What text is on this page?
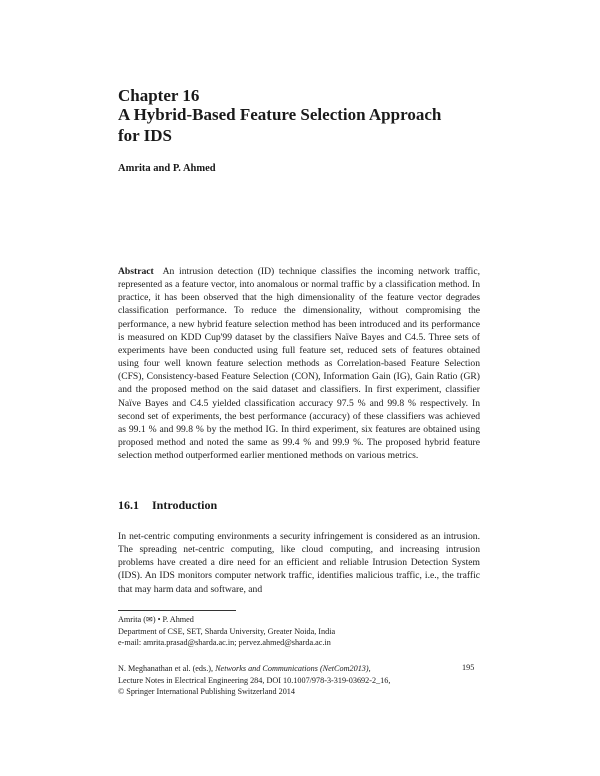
Chapter 16
A Hybrid-Based Feature Selection Approach
for IDS
Amrita and P. Ahmed
Abstract An intrusion detection (ID) technique classifies the incoming network traffic, represented as a feature vector, into anomalous or normal traffic by a classification method. In practice, it has been observed that the high dimensionality of the feature vector degrades classification performance. To reduce the dimensionality, without compromising the performance, a new hybrid feature selection method has been introduced and its performance is measured on KDD Cup'99 dataset by the classifiers Naïve Bayes and C4.5. Three sets of experiments have been conducted using full feature set, reduced sets of features obtained using four well known feature selection methods as Correlation-based Feature Selection (CFS), Consistency-based Feature Selection (CON), Information Gain (IG), Gain Ratio (GR) and the proposed method on the said dataset and classifiers. In first experiment, classifier Naïve Bayes and C4.5 yielded classification accuracy 97.5 % and 99.8 % respectively. In second set of experiments, the best performance (accuracy) of these classifiers was achieved as 99.1 % and 99.8 % by the method IG. In third experiment, six features are obtained using proposed method and noted the same as 99.4 % and 99.9 %. The proposed hybrid feature selection method outperformed earlier mentioned methods on various metrics.
16.1 Introduction
In net-centric computing environments a security infringement is considered as an intrusion. The spreading net-centric computing, like cloud computing, and increasing intrusion problems have created a dire need for an efficient and reliable Intrusion Detection System (IDS). An IDS monitors computer network traffic, identifies malicious traffic, i.e., the traffic that may harm data and software, and
Amrita (✉) • P. Ahmed
Department of CSE, SET, Sharda University, Greater Noida, India
e-mail: amrita.prasad@sharda.ac.in; pervez.ahmed@sharda.ac.in
N. Meghanathan et al. (eds.), Networks and Communications (NetCom2013),
Lecture Notes in Electrical Engineering 284, DOI 10.1007/978-3-319-03692-2_16,
© Springer International Publishing Switzerland 2014
195
